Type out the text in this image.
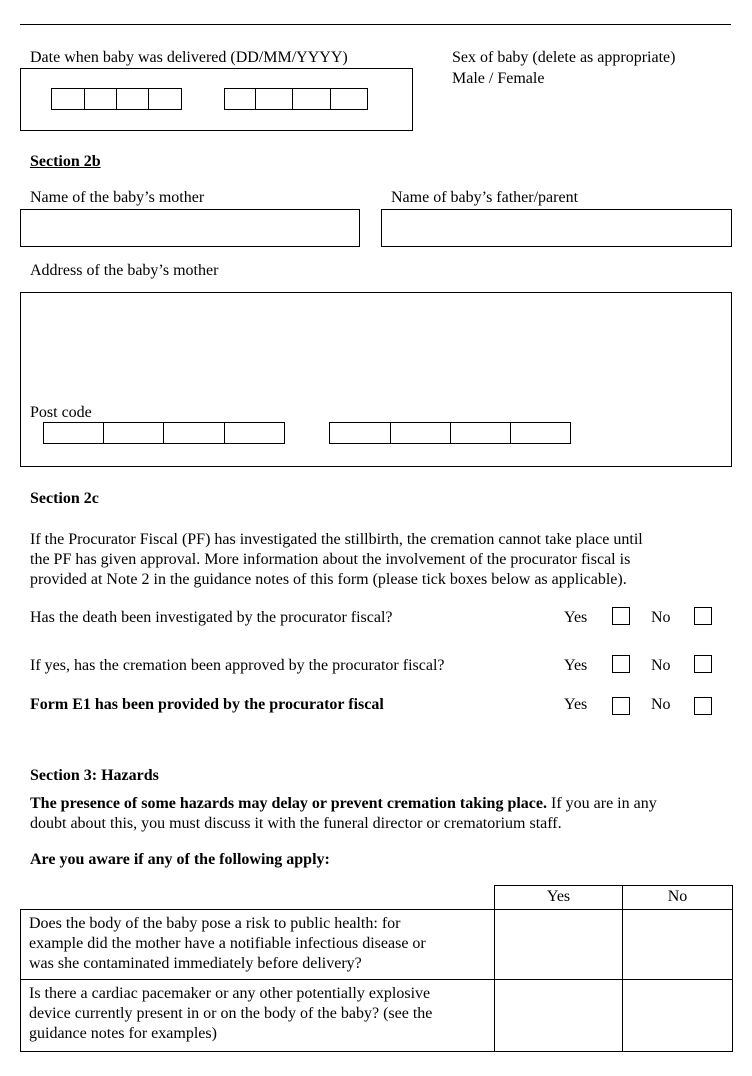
Date when baby was delivered (DD/MM/YYYY)	Sex of baby (delete as appropriate)
Male / Female
Section 2b
Name of the baby’s mother	Name of baby’s father/parent
Address of the baby’s mother
Post code
Section 2c
If the Procurator Fiscal (PF) has investigated the stillbirth, the cremation cannot take place until
the PF has given approval. More information about the involvement of the procurator fiscal is
provided at Note 2 in the guidance notes of this form (please tick boxes below as applicable).
Has the death been investigated by the procurator fiscal?	Yes	No
If yes, has the cremation been approved by the procurator fiscal?	Yes	No
Form E1 has been provided by the procurator fiscal	Yes	No
Section 3: Hazards
The presence of some hazards may delay or prevent cremation taking place. If you are in any
doubt about this, you must discuss it with the funeral director or crematorium staff.
Are you aware if any of the following apply:
	Yes	No

Does the body of the baby pose a risk to public health: for
example did the mother have a notifiable infectious disease or
was she contaminated immediately before delivery?		

Is there a cardiac pacemaker or any other potentially explosive
device currently present in or on the body of the baby? (see the
guidance notes for examples)		
